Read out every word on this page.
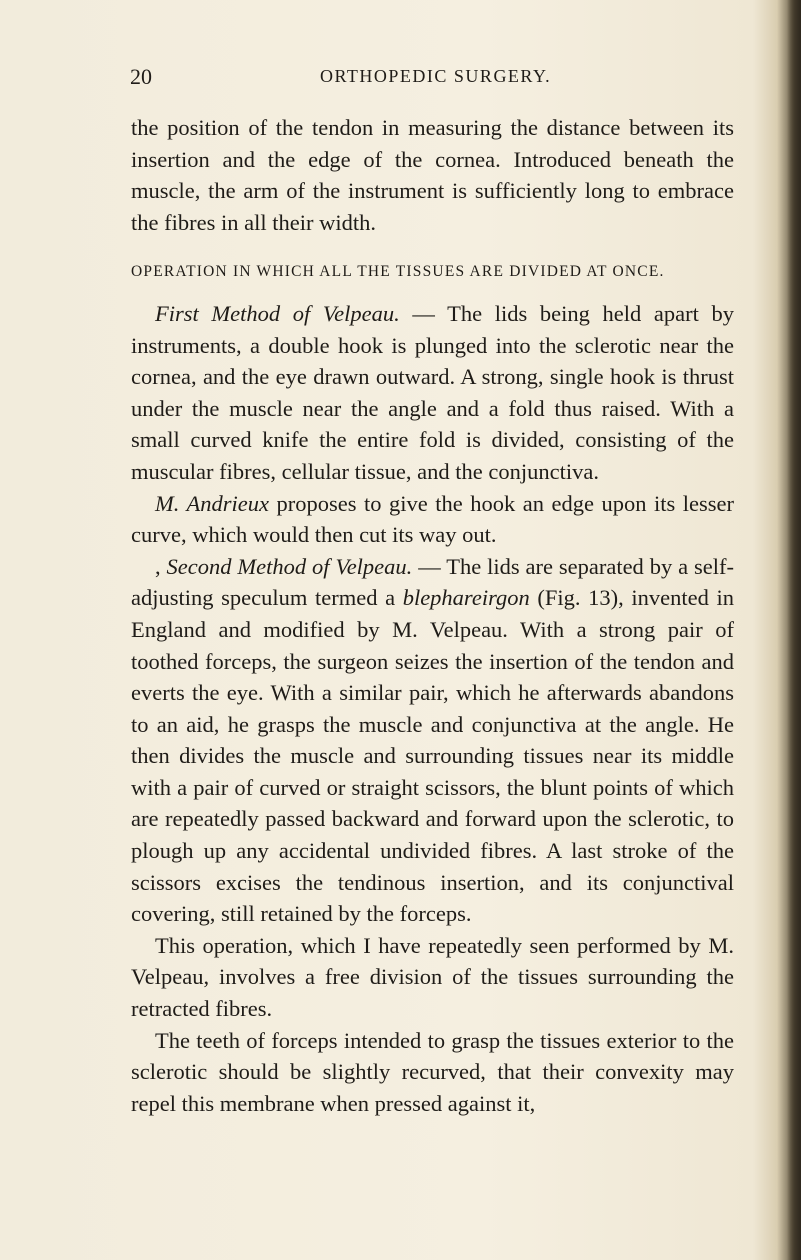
20	ORTHOPEDIC SURGERY.

the position of the tendon in measuring the distance between its insertion and the edge of the cornea. Introduced beneath the muscle, the arm of the instrument is sufficiently long to embrace the fibres in all their width.

OPERATION IN WHICH ALL THE TISSUES ARE DIVIDED AT ONCE.

First Method of Velpeau. — The lids being held apart by instruments, a double hook is plunged into the sclerotic near the cornea, and the eye drawn outward. A strong, single hook is thrust under the muscle near the angle and a fold thus raised. With a small curved knife the entire fold is divided, consisting of the muscular fibres, cellular tissue, and the conjunctiva.

M. Andrieux proposes to give the hook an edge upon its lesser curve, which would then cut its way out.

, Second Method of Velpeau. — The lids are separated by a self-adjusting speculum termed a blephareirgon (Fig. 13), invented in England and modified by M. Velpeau. With a strong pair of toothed forceps, the surgeon seizes the insertion of the tendon and everts the eye. With a similar pair, which he afterwards abandons to an aid, he grasps the muscle and conjunctiva at the angle. He then divides the muscle and surrounding tissues near its middle with a pair of curved or straight scissors, the blunt points of which are repeatedly passed backward and forward upon the sclerotic, to plough up any accidental undivided fibres. A last stroke of the scissors excises the tendinous insertion, and its conjunctival covering, still retained by the forceps.

This operation, which I have repeatedly seen performed by M. Velpeau, involves a free division of the tissues surrounding the retracted fibres.

The teeth of forceps intended to grasp the tissues exterior to the sclerotic should be slightly recurved, that their convexity may repel this membrane when pressed against it,
